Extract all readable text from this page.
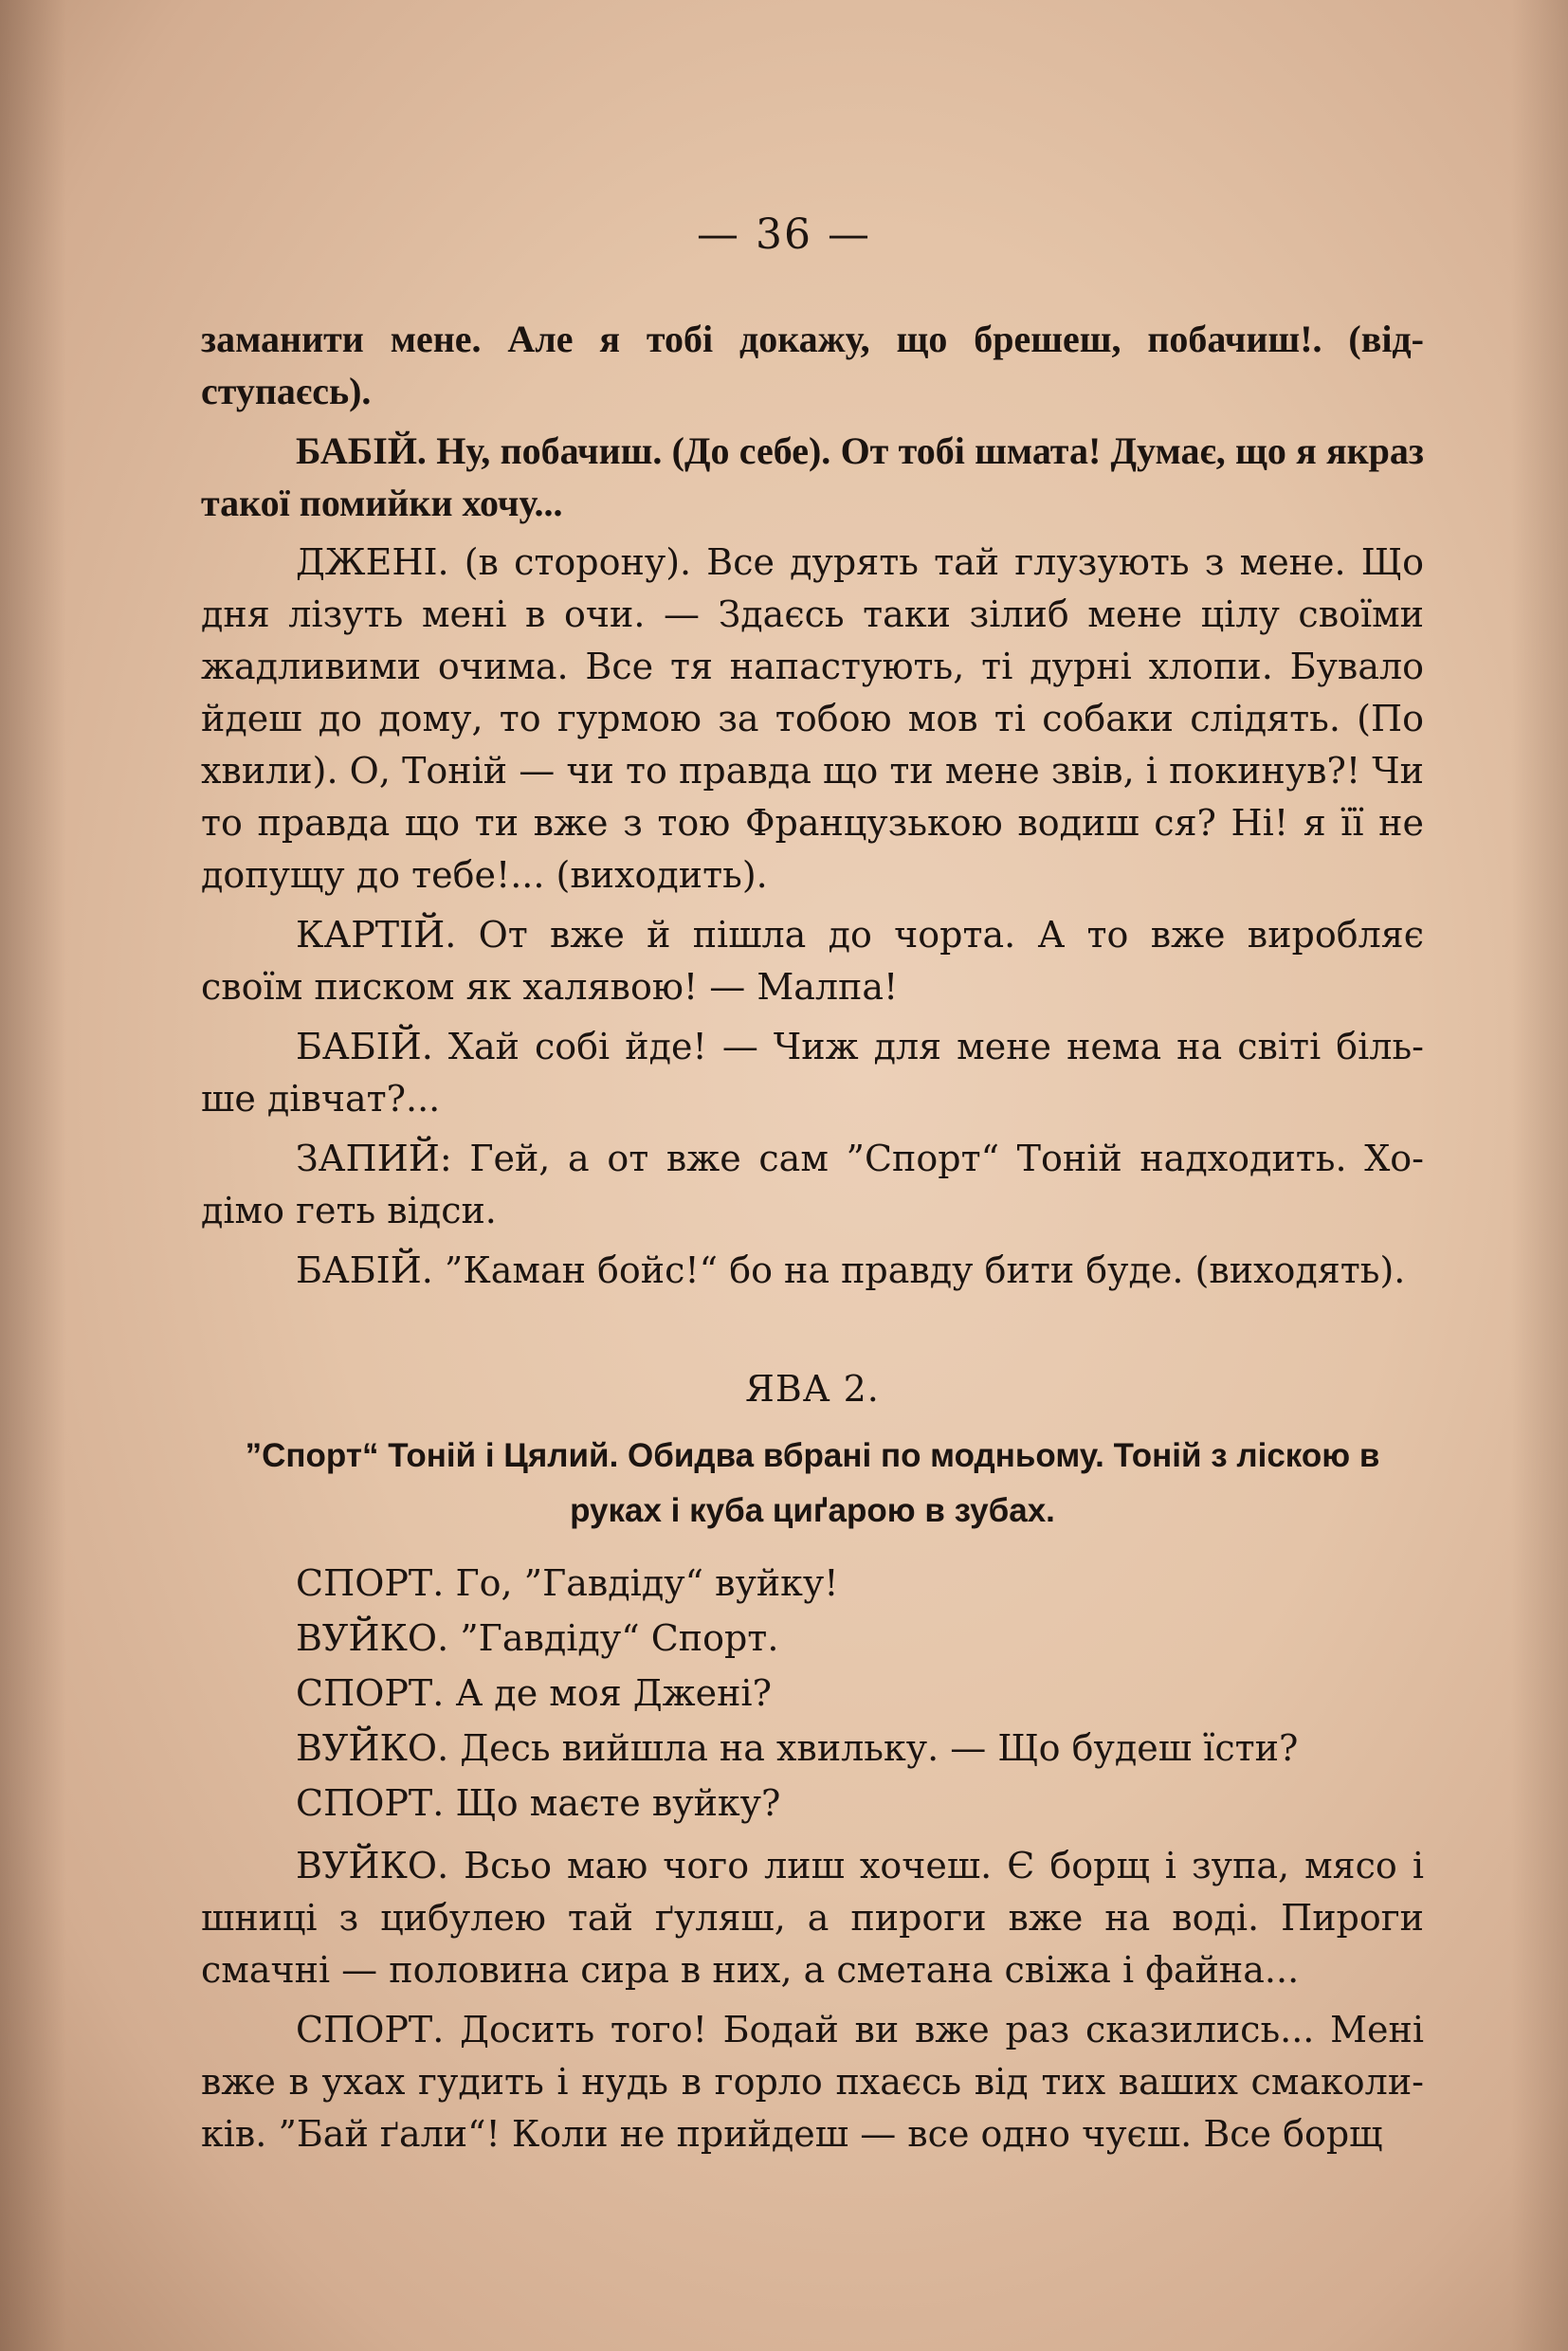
— 36 —

заманити мене. Але я тобі докажу, що брешеш, побачиш!. (відступаєсь).

БАБІЙ. Ну, побачиш. (До себе). От тобі шмата! Думає, що я якраз такої помийки хочу...

ДЖЕНІ. (в сторону). Все дурять тай глузують з мене. Що дня лізуть мені в очи. — Здаєсь таки зілиб мене цілу своїми жадливими очима. Все тя напастують, ті дурні хлопи. Бувало йдеш до дому, то гурмою за тобою мов ті собаки слідять. (По хвили). О, Тоній — чи то правда що ти мене звів, і покинув?! Чи то правда що ти вже з тою Французькою водиш ся? Ні! я її не допущу до тебе!... (виходить).

КАРТІЙ. От вже й пішла до чорта. А то вже виробляє своїм писком як халявою! — Малпа!

БАБІЙ. Хай собі йде! — Чиж для мене нема на світі більше дівчат?...

ЗАПИЙ: Гей, а от вже сам ”Спорт“ Тоній надходить. Ходімо геть відси.

БАБІЙ. ”Каман бойс!“ бо на правду бити буде. (виходять).

ЯВА 2.
”Спорт“ Тоній і Цялий. Обидва вбрані по модньому. Тоній з ліскою в руках і куба циґарою в зубах.
СПОРТ. Го, ”Гавдіду“ вуйку!
ВУЙКО. ”Гавдіду“ Спорт.
СПОРТ. А де моя Джені?
ВУЙКО. Десь вийшла на хвильку. — Що будеш їсти?
СПОРТ. Що маєте вуйку?

ВУЙКО. Всьо маю чого лиш хочеш. Є борщ і зупа, мясо і шниці з цибулею тай ґуляш, а пироги вже на воді. Пироги смачні — половина сира в них, а сметана свіжа і файна...

СПОРТ. Досить того! Бодай ви вже раз сказились... Мені вже в ухах гудить і нудь в горло пхаєсь від тих ваших смаколиків. ”Бай ґали“! Коли не прийдеш — все одно чуєш. Все борщ
